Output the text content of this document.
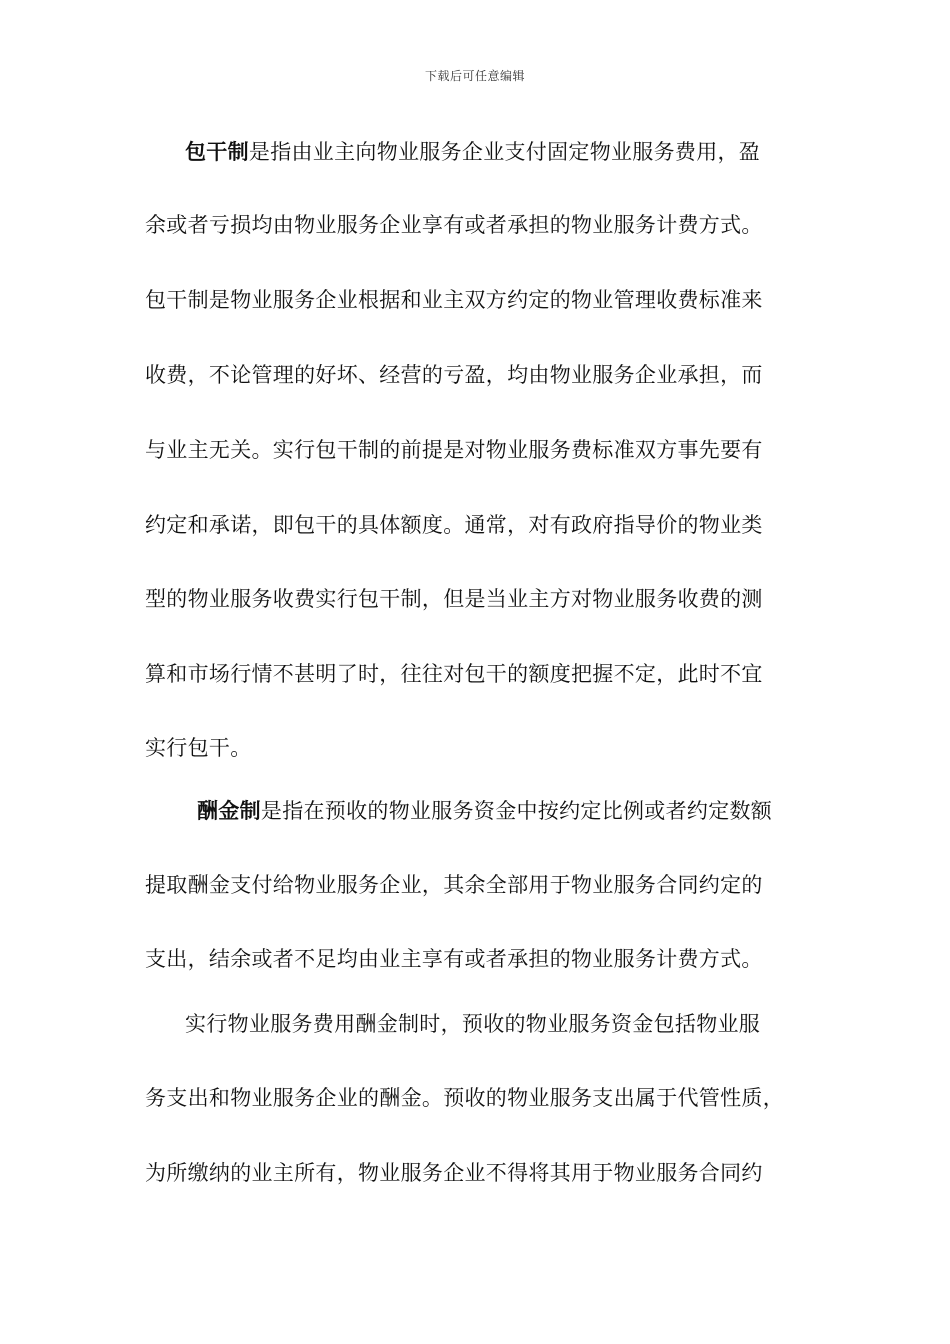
下载后可任意编辑
包干制是指由业主向物业服务企业支付固定物业服务费用，盈
余或者亏损均由物业服务企业享有或者承担的物业服务计费方式。
包干制是物业服务企业根据和业主双方约定的物业管理收费标准来
收费，不论管理的好坏、经营的亏盈，均由物业服务企业承担，而
与业主无关。实行包干制的前提是对物业服务费标准双方事先要有
约定和承诺，即包干的具体额度。通常，对有政府指导价的物业类
型的物业服务收费实行包干制，但是当业主方对物业服务收费的测
算和市场行情不甚明了时，往往对包干的额度把握不定，此时不宜
实行包干。
酬金制是指在预收的物业服务资金中按约定比例或者约定数额
提取酬金支付给物业服务企业，其余全部用于物业服务合同约定的
支出，结余或者不足均由业主享有或者承担的物业服务计费方式。
实行物业服务费用酬金制时，预收的物业服务资金包括物业服
务支出和物业服务企业的酬金。预收的物业服务支出属于代管性质，
为所缴纳的业主所有，物业服务企业不得将其用于物业服务合同约
